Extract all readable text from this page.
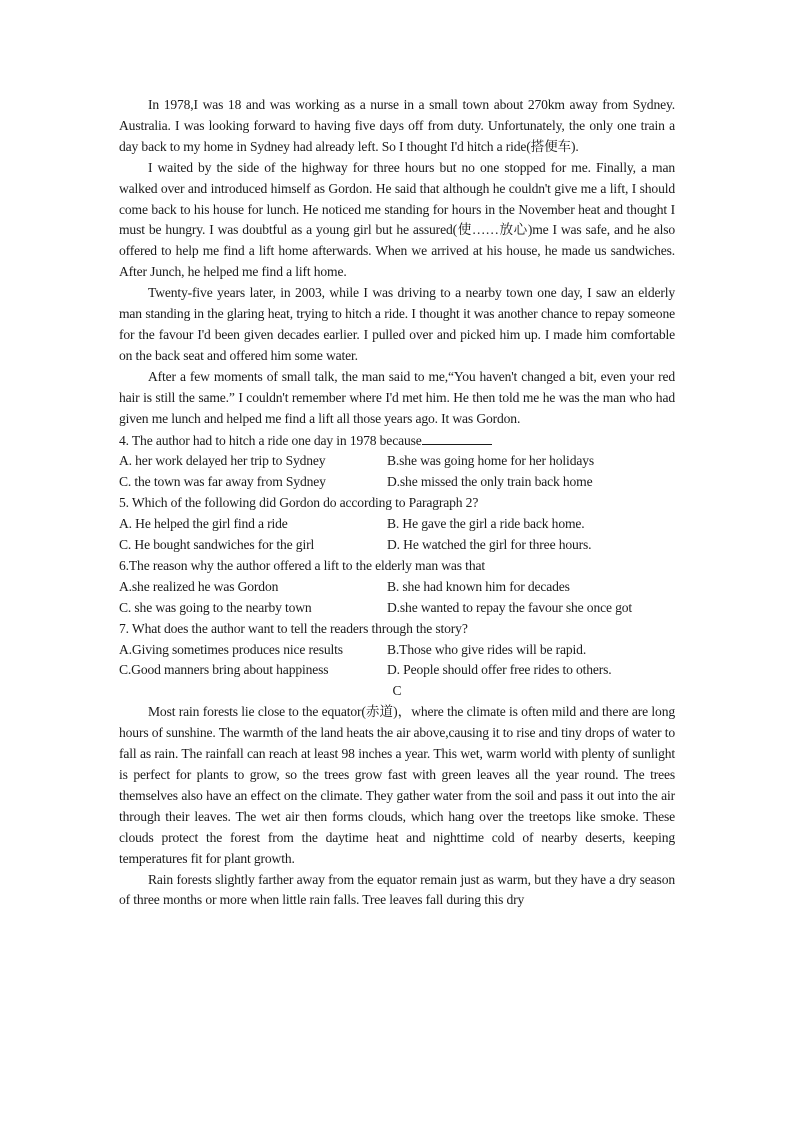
In 1978,I was 18 and was working as a nurse in a small town about 270km away from Sydney. Australia. I was looking forward to having five days off from duty. Unfortunately, the only one train a day back to my home in Sydney had already left. So I thought I'd hitch a ride(搭便车).

I waited by the side of the highway for three hours but no one stopped for me. Finally, a man walked over and introduced himself as Gordon. He said that although he couldn't give me a lift, I should come back to his house for lunch. He noticed me standing for hours in the November heat and thought I must be hungry. I was doubtful as a young girl but he assured(使……放心)me I was safe, and he also offered to help me find a lift home afterwards. When we arrived at his house, he made us sandwiches. After Junch, he helped me find a lift home.

Twenty-five years later, in 2003, while I was driving to a nearby town one day, I saw an elderly man standing in the glaring heat, trying to hitch a ride. I thought it was another chance to repay someone for the favour I'd been given decades earlier. I pulled over and picked him up. I made him comfortable on the back seat and offered him some water.

After a few moments of small talk, the man said to me,“You haven't changed a bit, even your red hair is still the same.” I couldn't remember where I'd met him. He then told me he was the man who had given me lunch and helped me find a lift all those years ago. It was Gordon.

4. The author had to hitch a ride one day in 1978 because

A. her work delayed her trip to Sydney	B.she was going home for her holidays
C. the town was far away from Sydney	D.she missed the only train back home

5. Which of the following did Gordon do according to Paragraph 2?

A. He helped the girl find a ride	B. He gave the girl a ride back home.
C. He bought sandwiches for the girl	D. He watched the girl for three hours.

6.The reason why the author offered a lift to the elderly man was that

A.she realized he was Gordon	B. she had known him for decades
C. she was going to the nearby town	D.she wanted to repay the favour she once got

7. What does the author want to tell the readers through the story?

A.Giving sometimes produces nice results	B.Those who give rides will be rapid.
C.Good manners bring about happiness	D. People should offer free rides to others.

C

Most rain forests lie close to the equator(赤道)，where the climate is often mild and there are long hours of sunshine. The warmth of the land heats the air above,causing it to rise and tiny drops of water to fall as rain. The rainfall can reach at least 98 inches a year. This wet, warm world with plenty of sunlight is perfect for plants to grow, so the trees grow fast with green leaves all the year round. The trees themselves also have an effect on the climate. They gather water from the soil and pass it out into the air through their leaves. The wet air then forms clouds, which hang over the treetops like smoke. These clouds protect the forest from the daytime heat and nighttime cold of nearby deserts, keeping temperatures fit for plant growth.

Rain forests slightly farther away from the equator remain just as warm, but they have a dry season of three months or more when little rain falls. Tree leaves fall during this dry
